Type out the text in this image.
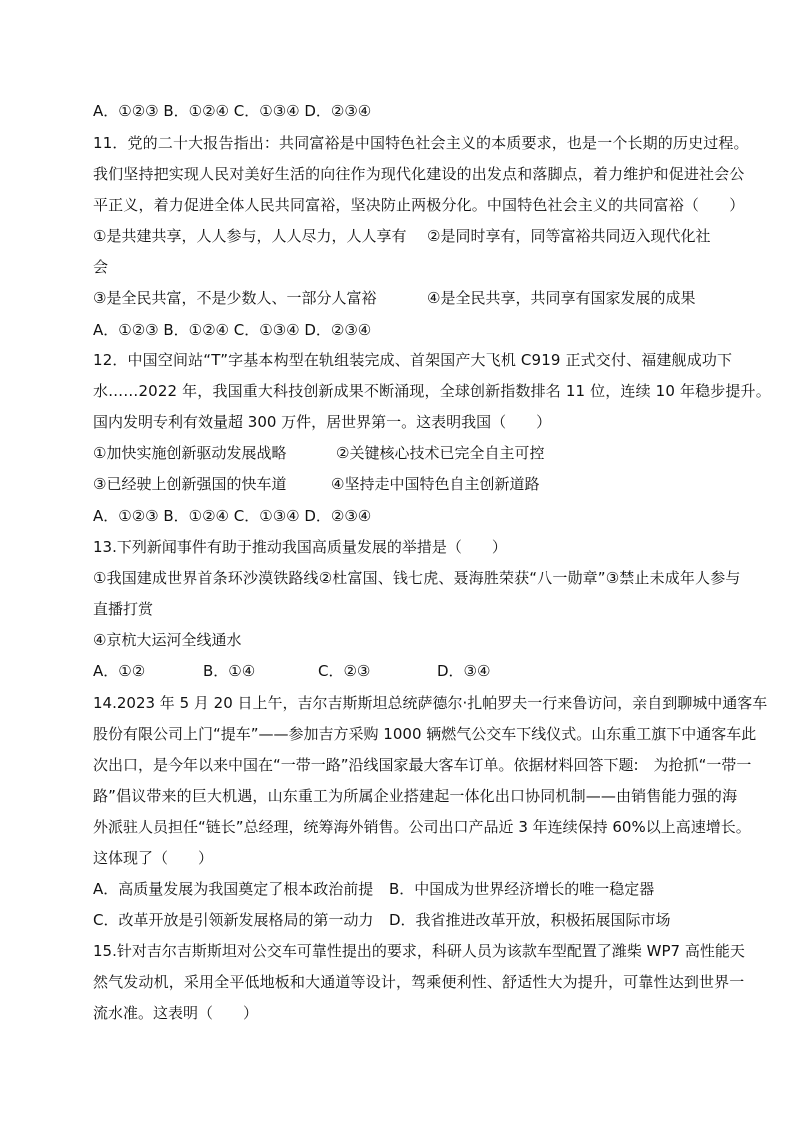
A．①②③ B．①②④ C．①③④ D．②③④
11．党的二十大报告指出：共同富裕是中国特色社会主义的本质要求，也是一个长期的历史过程。
我们坚持把实现人民对美好生活的向往作为现代化建设的出发点和落脚点，着力维护和促进社会公
平正义，着力促进全体人民共同富裕，坚决防止两极分化。中国特色社会主义的共同富裕（　　）
①是共建共享，人人参与，人人尽力，人人享有 ②是同时享有，同等富裕共同迈入现代化社
会
③是全民共富，不是少数人、一部分人富裕	④是全民共享，共同享有国家发展的成果
A．①②③ B．①②④ C．①③④ D．②③④
12．中国空间站“T”字基本构型在轨组装完成、首架国产大飞机 C919 正式交付、福建舰成功下
水……2022 年，我国重大科技创新成果不断涌现，全球创新指数排名 11 位，连续 10 年稳步提升。
国内发明专利有效量超 300 万件，居世界第一。这表明我国（　　）
①加快实施创新驱动发展战略	②关键核心技术已完全自主可控
③已经驶上创新强国的快车道	④坚持走中国特色自主创新道路
A．①②③ B．①②④ C．①③④ D．②③④
13.下列新闻事件有助于推动我国高质量发展的举措是（　　）
①我国建成世界首条环沙漠铁路线②杜富国、钱七虎、聂海胜荣获“八一勋章”③禁止未成年人参与
直播打赏
④京杭大运河全线通水
A．①②	B．①④	C．②③	D．③④
14.2023 年 5 月 20 日上午，吉尔吉斯斯坦总统萨德尔·扎帕罗夫一行来鲁访问，亲自到聊城中通客车
股份有限公司上门“提车”——参加吉方采购 1000 辆燃气公交车下线仪式。山东重工旗下中通客车此
次出口，是今年以来中国在“一带一路”沿线国家最大客车订单。依据材料回答下题:　为抢抓“一带一
路”倡议带来的巨大机遇，山东重工为所属企业搭建起一体化出口协同机制——由销售能力强的海
外派驻人员担任“链长”总经理，统筹海外销售。公司出口产品近 3 年连续保持 60%以上高速增长。
这体现了（　　）
A．高质量发展为我国奠定了根本政治前提 B．中国成为世界经济增长的唯一稳定器
C．改革开放是引领新发展格局的第一动力 D．我省推进改革开放，积极拓展国际市场
15.针对吉尔吉斯斯坦对公交车可靠性提出的要求，科研人员为该款车型配置了潍柴 WP7 高性能天
然气发动机，采用全平低地板和大通道等设计，驾乘便利性、舒适性大为提升，可靠性达到世界一
流水准。这表明（　　）
